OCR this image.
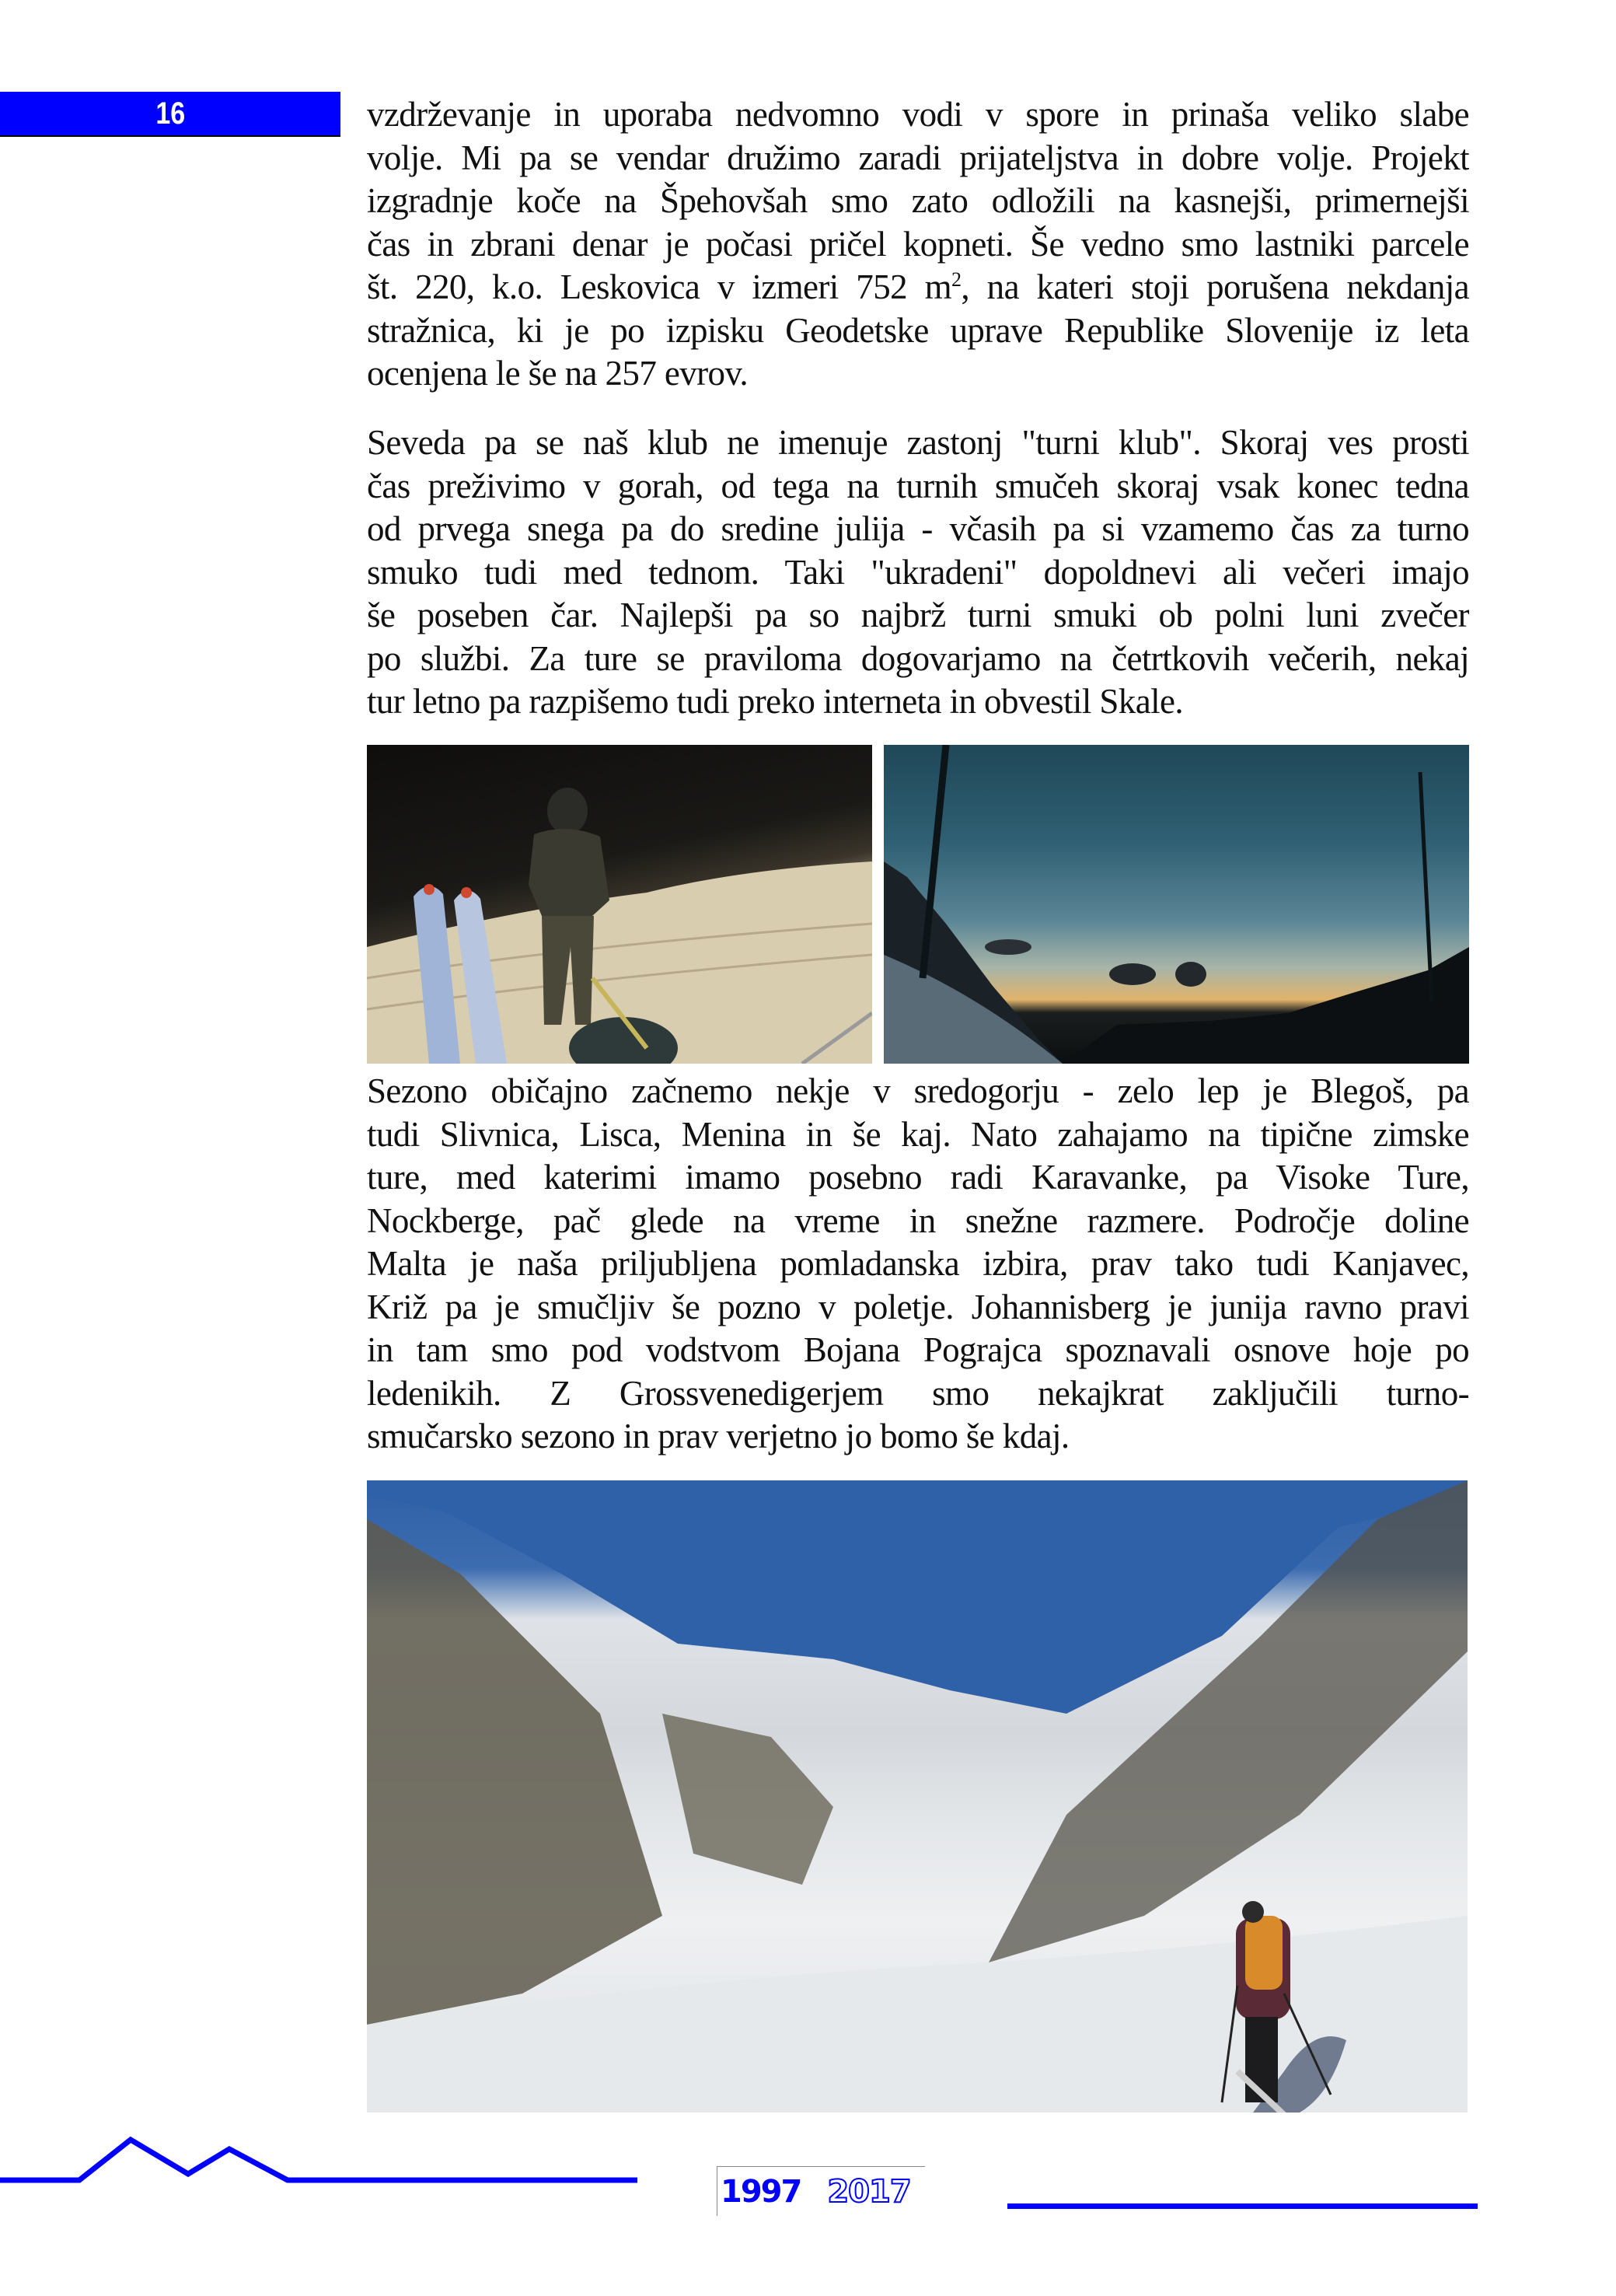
16	vzdrževanje in uporaba nedvomno vodi v spore in prinaša veliko slabe
volje. Mi pa se vendar družimo zaradi prijateljstva in dobre volje. Projekt
izgradnje koče na Špehovšah smo zato odložili na kasnejši, primernejši
čas in zbrani denar je počasi pričel kopneti. Še vedno smo lastniki parcele
št. 220, k.o. Leskovica v izmeri 752 $m^2$, na kateri stoji porušena nekdanja
stražnica, ki je po izpisku Geodetske uprave Republike Slovenije iz leta
ocenjena le še na 257 evrov.
Seveda pa se naš klub ne imenuje zastonj "turni klub". Skoraj ves prosti
čas preživimo v gorah, od tega na turnih smučeh skoraj vsak konec tedna
od prvega snega pa do sredine julija - včasih pa si vzamemo čas za turno
smuko tudi med tednom. Taki "ukradeni" dopoldnevi ali večeri imajo
še poseben čar. Najlepši pa so najbrž turni smuki ob polni luni zvečer
po službi. Za ture se praviloma dogovarjamo na četrtkovih večerih, nekaj
tur letno pa razpišemo tudi preko interneta in obvestil Skale.
Sezono običajno začnemo nekje v sredogorju - zelo lep je Blegoš, pa
tudi Slivnica, Lisca, Menina in še kaj. Nato zahajamo na tipične zimske
ture, med katerimi imamo posebno radi Karavanke, pa Visoke Ture,
Nockberge, pač glede na vreme in snežne razmere. Področje doline
Malta je naša priljubljena pomladanska izbira, prav tako tudi Kanjavec,
Križ pa je smučljiv še pozno v poletje. Johannisberg je junija ravno pravi
in tam smo pod vodstvom Bojana Pograjca spoznavali osnove hoje po
ledenikih. Z Grossvenedigerjem smo nekajkrat zaključili turno-
smučarsko sezono in prav verjetno jo bomo še kdaj.
1997 2017
